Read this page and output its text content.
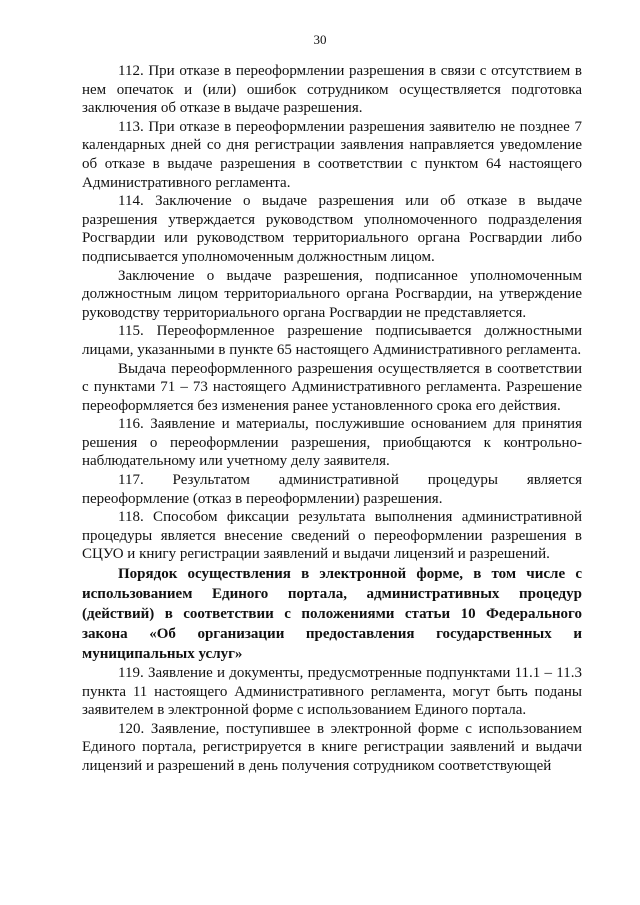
30

112. При отказе в переоформлении разрешения в связи с отсутствием в нем опечаток и (или) ошибок сотрудником осуществляется подготовка заключения об отказе в выдаче разрешения.

113. При отказе в переоформлении разрешения заявителю не позднее 7 календарных дней со дня регистрации заявления направляется уведомление об отказе в выдаче разрешения в соответствии с пунктом 64 настоящего Административного регламента.

114. Заключение о выдаче разрешения или об отказе в выдаче разрешения утверждается руководством уполномоченного подразделения Росгвардии или руководством территориального органа Росгвардии либо подписывается уполномоченным должностным лицом.

Заключение о выдаче разрешения, подписанное уполномоченным должностным лицом территориального органа Росгвардии, на утверждение руководству территориального органа Росгвардии не представляется.

115. Переоформленное разрешение подписывается должностными лицами, указанными в пункте 65 настоящего Административного регламента.

Выдача переоформленного разрешения осуществляется в соответствии с пунктами 71 – 73 настоящего Административного регламента. Разрешение переоформляется без изменения ранее установленного срока его действия.

116. Заявление и материалы, послужившие основанием для принятия решения о переоформлении разрешения, приобщаются к контрольно-наблюдательному или учетному делу заявителя.

117. Результатом административной процедуры является переоформление (отказ в переоформлении) разрешения.

118. Способом фиксации результата выполнения административной процедуры является внесение сведений о переоформлении разрешения в СЦУО и книгу регистрации заявлений и выдачи лицензий и разрешений.

Порядок осуществления в электронной форме, в том числе с использованием Единого портала, административных процедур (действий) в соответствии с положениями статьи 10 Федерального закона «Об организации предоставления государственных и муниципальных услуг»

119. Заявление и документы, предусмотренные подпунктами 11.1 – 11.3 пункта 11 настоящего Административного регламента, могут быть поданы заявителем в электронной форме с использованием Единого портала.

120. Заявление, поступившее в электронной форме с использованием Единого портала, регистрируется в книге регистрации заявлений и выдачи лицензий и разрешений в день получения сотрудником соответствующей
